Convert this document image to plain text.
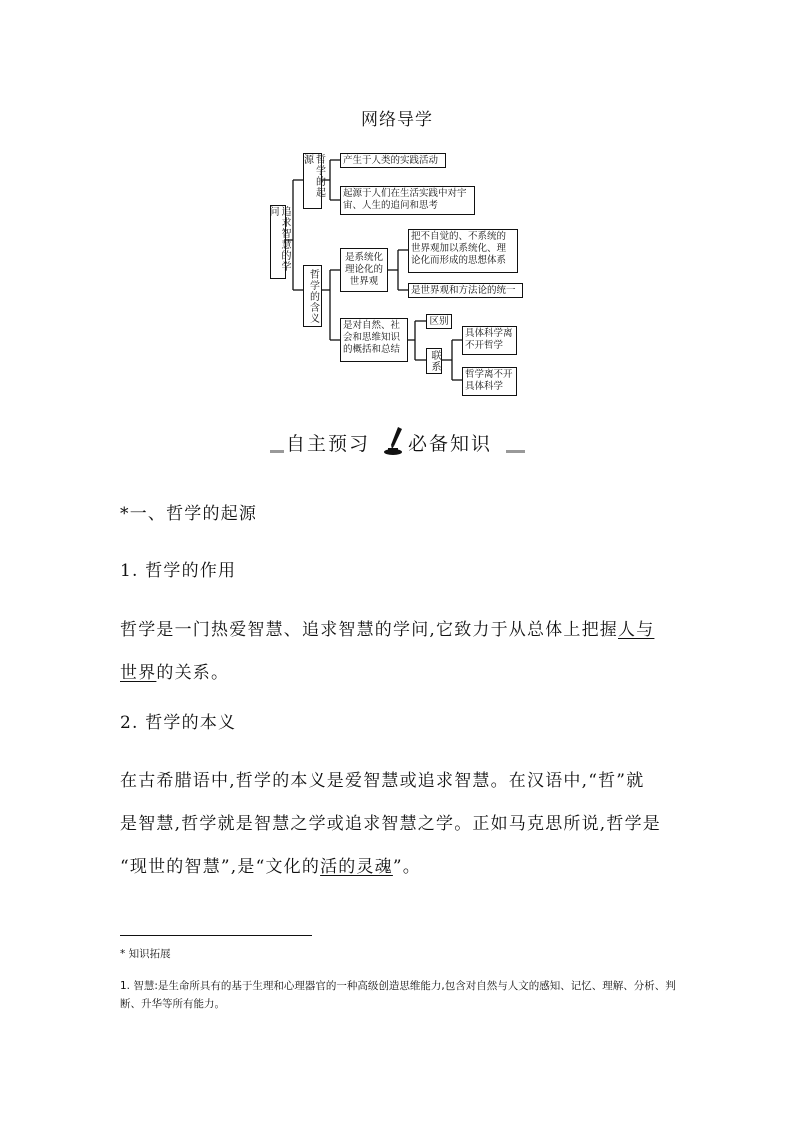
网络导学
追求智慧的学问
哲学的起源	产生于人类的实践活动
起源于人们在生活实践中对宇宙、人生的追问和思考
哲学的含义
是系统化理论化的世界观
把不自觉的、不系统的世界观加以系统化、理论化而形成的思想体系
是世界观和方法论的统一
是对自然、社会和思维知识的概括和总结
区别
联系
具体科学离不开哲学
哲学离不开具体科学
自主预习 必备知识
*一、哲学的起源
1. 哲学的作用
哲学是一门热爱智慧、追求智慧的学问,它致力于从总体上把握人与
世界的关系。
2. 哲学的本义
在古希腊语中,哲学的本义是爱智慧或追求智慧。在汉语中,“哲”就
是智慧,哲学就是智慧之学或追求智慧之学。正如马克思所说,哲学是
“现世的智慧”,是“文化的活的灵魂”。
* 知识拓展
1. 智慧:是生命所具有的基于生理和心理器官的一种高级创造思维能力,包含对自然与人文的感知、记忆、理解、分析、判断、升华等所有能力。
